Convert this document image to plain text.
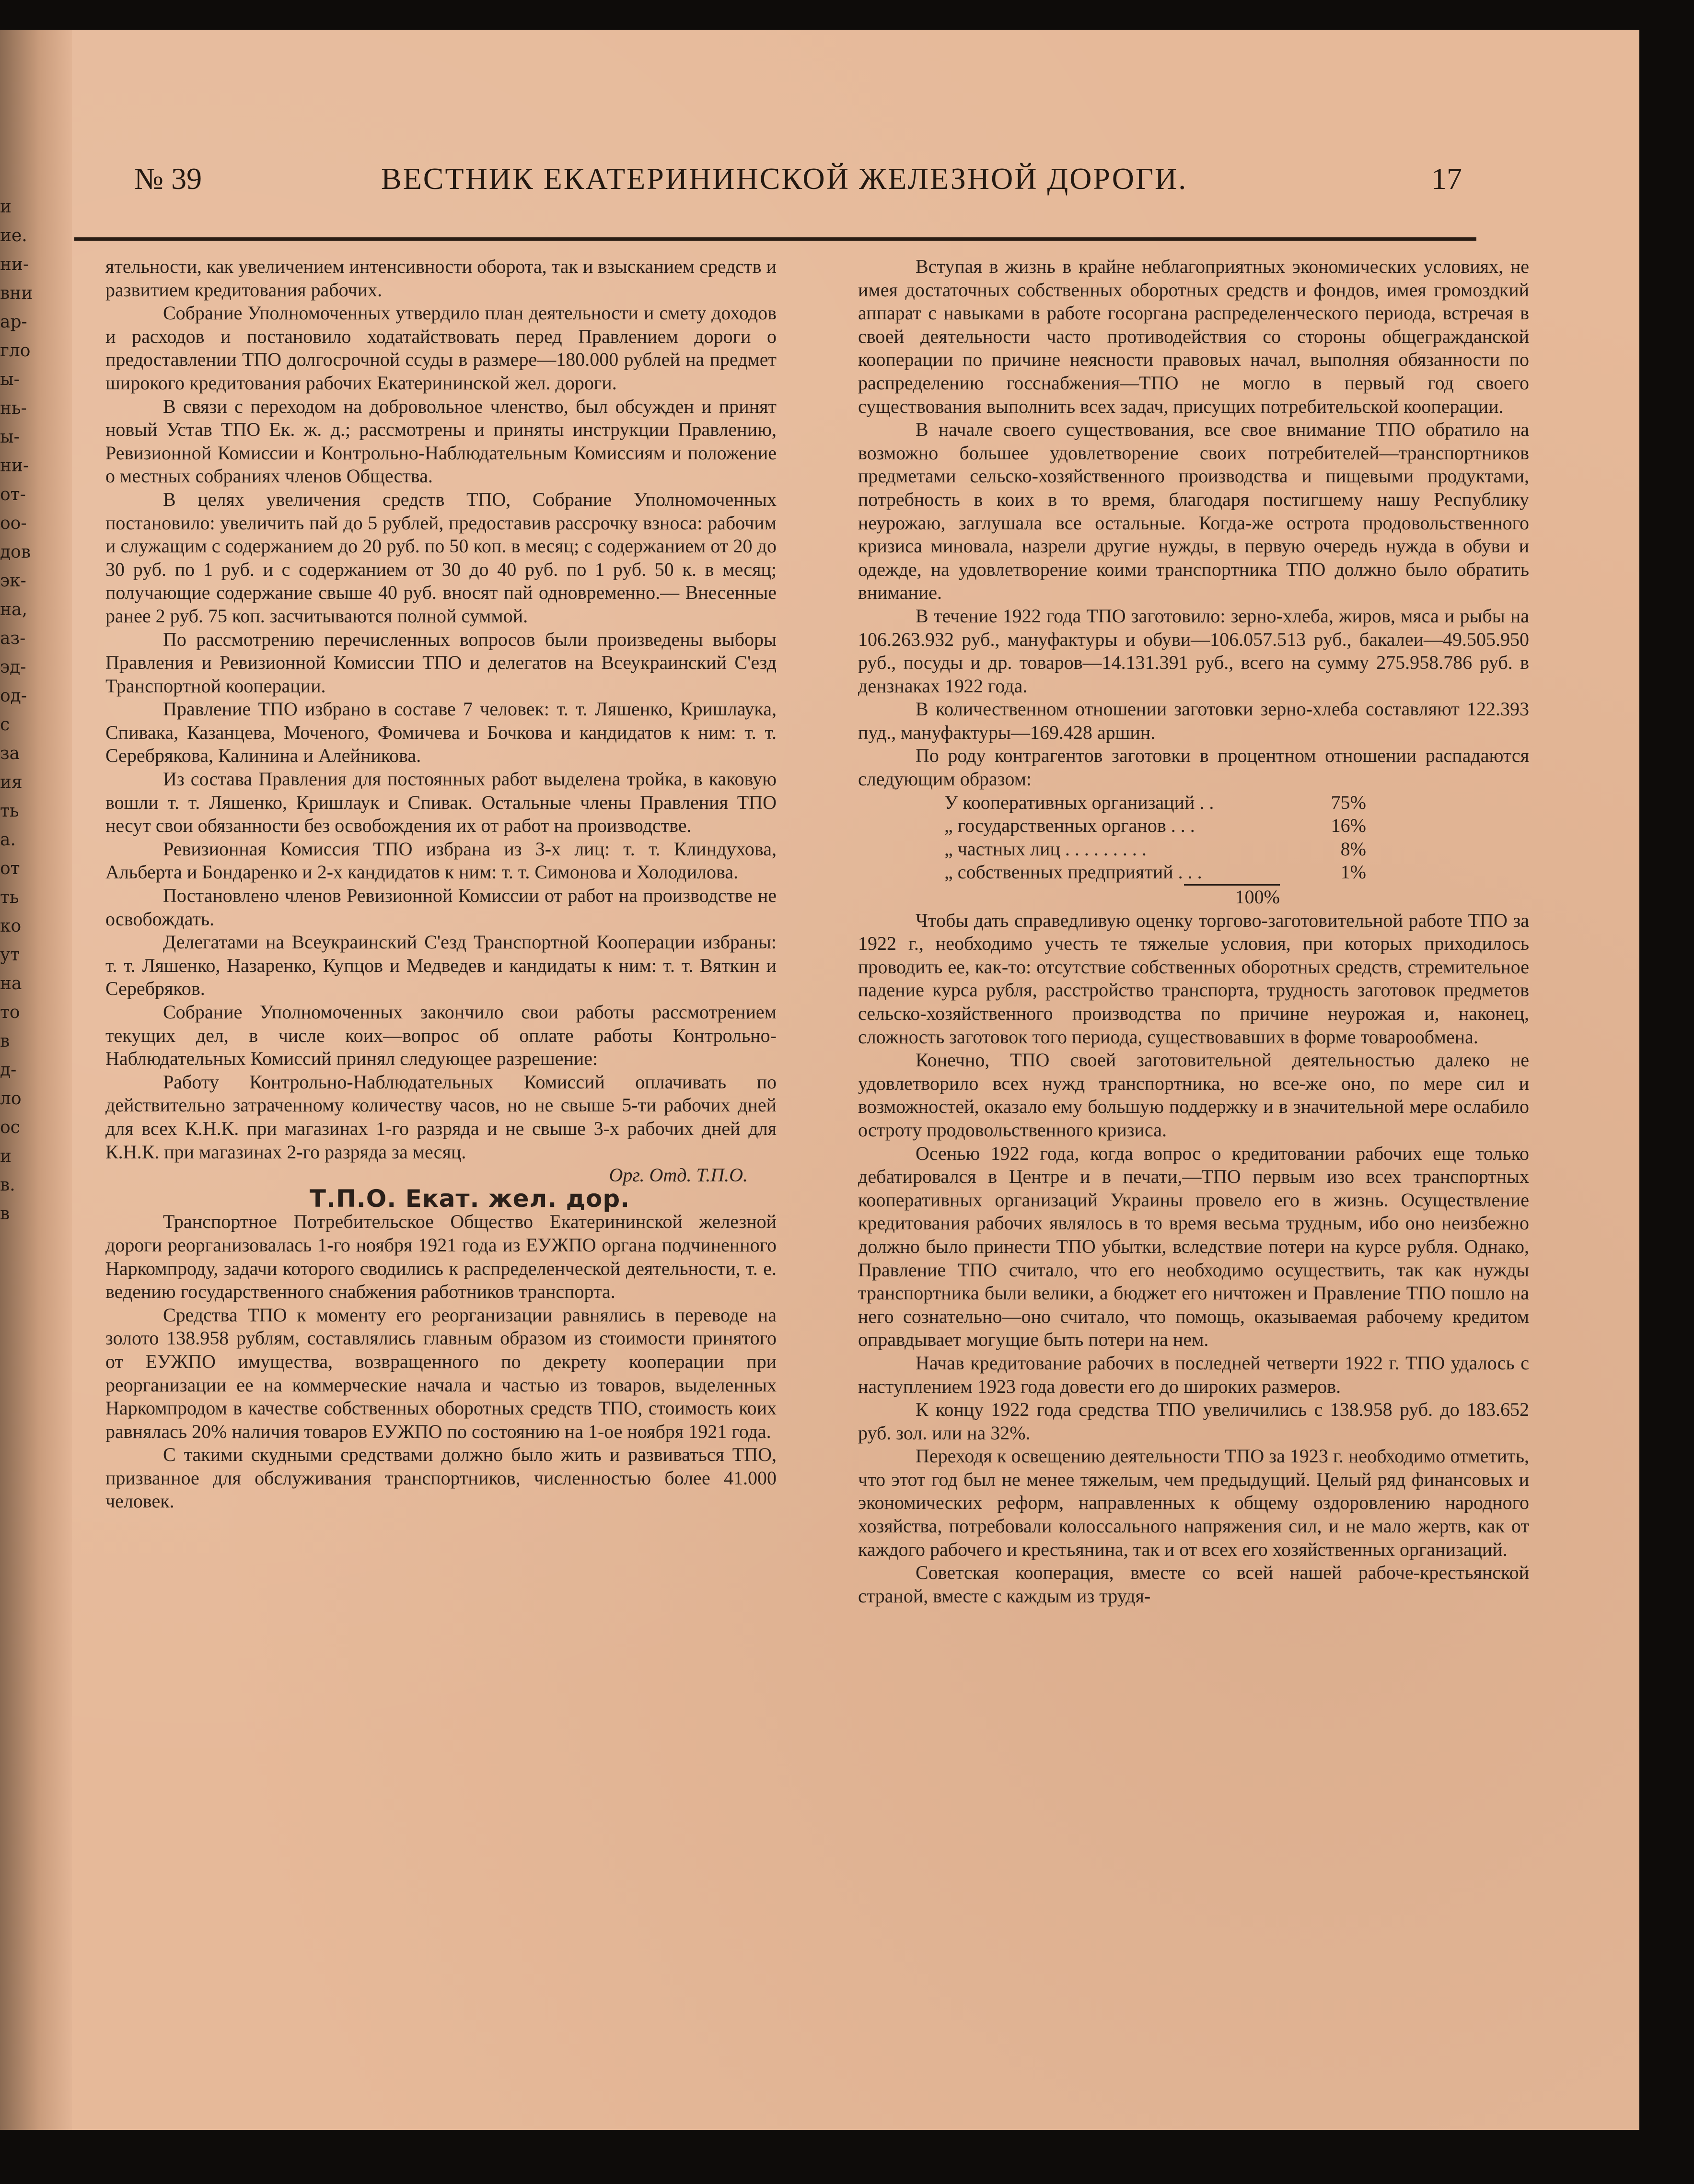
и
ие.
ни-
вни
ар-
гло
ы-
нь-
ы-
ни-
от-
оо-
дов
эк-
на,
аз-
эд-
од-
с
за
ия
ть
а.
от
ть
ко
ут
на
то
в
д-
ло
ос
и
в.
в
№ 39	ВЕСТНИК ЕКАТЕРИНИНСКОЙ ЖЕЛЕЗНОЙ ДОРОГИ.	17

ятельности, как увеличением интенсивности оборота, так и взысканием средств и развитием кредитования рабочих.

Собрание Уполномоченных утвердило план деятельности и смету доходов и расходов и постановило ходатайствовать перед Правлением дороги о предоставлении ТПО долгосрочной ссуды в размере—180.000 рублей на предмет широкого кредитования рабочих Екатерининской жел. дороги.

В связи с переходом на добровольное членство, был обсужден и принят новый Устав ТПО Ек. ж. д.; рассмотрены и приняты инструкции Правлению, Ревизионной Комиссии и Контрольно-Наблюдательным Комиссиям и положение о местных собраниях членов Общества.

В целях увеличения средств ТПО, Собрание Уполномоченных постановило: увеличить пай до 5 рублей, предоставив рассрочку взноса: рабочим и служащим с содержанием до 20 руб. по 50 коп. в месяц; с содержанием от 20 до 30 руб. по 1 руб. и с содержанием от 30 до 40 руб. по 1 руб. 50 к. в месяц; получающие содержание свыше 40 руб. вносят пай одновременно.— Внесенные ранее 2 руб. 75 коп. засчитываются полной суммой.

По рассмотрению перечисленных вопросов были произведены выборы Правления и Ревизионной Комиссии ТПО и делегатов на Всеукраинский С'езд Транспортной кооперации.

Правление ТПО избрано в составе 7 человек: т. т. Ляшенко, Кришлаука, Спивака, Казанцева, Моченого, Фомичева и Бочкова и кандидатов к ним: т. т. Серебрякова, Калинина и Алейникова.

Из состава Правления для постоянных работ выделена тройка, в каковую вошли т. т. Ляшенко, Кришлаук и Спивак. Остальные члены Правления ТПО несут свои обязанности без освобождения их от работ на производстве.

Ревизионная Комиссия ТПО избрана из 3-х лиц: т. т. Клиндухова, Альберта и Бондаренко и 2-х кандидатов к ним: т. т. Симонова и Холодилова.

Постановлено членов Ревизионной Комиссии от работ на производстве не освобождать.

Делегатами на Всеукраинский С'езд Транспортной Кооперации избраны: т. т. Ляшенко, Назаренко, Купцов и Медведев и кандидаты к ним: т. т. Вяткин и Серебряков.

Собрание Уполномоченных закончило свои работы рассмотрением текущих дел, в числе коих—вопрос об оплате работы Контрольно-Наблюдательных Комиссий принял следующее разрешение:

Работу Контрольно-Наблюдательных Комиссий оплачивать по действительно затраченному количеству часов, но не свыше 5-ти рабочих дней для всех К.Н.К. при магазинах 1-го разряда и не свыше 3-х рабочих дней для К.Н.К. при магазинах 2-го разряда за месяц.

Орг. Отд. Т.П.О.

Т.П.О. Екат. жел. дор.

Транспортное Потребительское Общество Екатерининской железной дороги реорганизовалась 1-го ноября 1921 года из ЕУЖПО органа подчиненного Наркомпроду, задачи которого сводились к распределенческой деятельности, т. е. ведению государственного снабжения работников транспорта.

Средства ТПО к моменту его реорганизации равнялись в переводе на золото 138.958 рублям, составлялись главным образом из стоимости принятого от ЕУЖПО имущества, возвращенного по декрету кооперации при реорганизации ее на коммерческие начала и частью из товаров, выделенных Наркомпродом в качестве собственных оборотных средств ТПО, стоимость коих равнялась 20% наличия товаров ЕУЖПО по состоянию на 1-ое ноября 1921 года.

С такими скудными средствами должно было жить и развиваться ТПО, призванное для обслуживания транспортников, численностью более 41.000 человек.

Вступая в жизнь в крайне неблагоприятных экономических условиях, не имея достаточных собственных оборотных средств и фондов, имея громоздкий аппарат с навыками в работе госоргана распределенческого периода, встречая в своей деятельности часто противодействия со стороны общегражданской кооперации по причине неясности правовых начал, выполняя обязанности по распределению госснабжения—ТПО не могло в первый год своего существования выполнить всех задач, присущих потребительской кооперации.

В начале своего существования, все свое внимание ТПО обратило на возможно большее удовлетворение своих потребителей—транспортников предметами сельско-хозяйственного производства и пищевыми продуктами, потребность в коих в то время, благодаря постигшему нашу Республику неурожаю, заглушала все остальные. Когда-же острота продовольственного кризиса миновала, назрели другие нужды, в первую очередь нужда в обуви и одежде, на удовлетворение коими транспортника ТПО должно было обратить внимание.

В течение 1922 года ТПО заготовило: зерно-хлеба, жиров, мяса и рыбы на 106.263.932 руб., мануфактуры и обуви—106.057.513 руб., бакалеи—49.505.950 руб., посуды и др. товаров—14.131.391 руб., всего на сумму 275.958.786 руб. в дензнаках 1922 года.

В количественном отношении заготовки зерно-хлеба составляют 122.393 пуд., мануфактуры—169.428 аршин.

По роду контрагентов заготовки в процентном отношении распадаются следующим образом:

У кооперативных организаций . .	75%
„ государственных органов . . .	16%
„ частных лиц . . . . . . . . .	8%
„ собственных предприятий . . .	1%
100%

Чтобы дать справедливую оценку торгово-заготовительной работе ТПО за 1922 г., необходимо учесть те тяжелые условия, при которых приходилось проводить ее, как-то: отсутствие собственных оборотных средств, стремительное падение курса рубля, расстройство транспорта, трудность заготовок предметов сельско-хозяйственного производства по причине неурожая и, наконец, сложность заготовок того периода, существовавших в форме товарообмена.

Конечно, ТПО своей заготовительной деятельностью далеко не удовлетворило всех нужд транспортника, но все-же оно, по мере сил и возможностей, оказало ему большую поддержку и в значительной мере ослабило остроту продовольственного кризиса.

Осенью 1922 года, когда вопрос о кредитовании рабочих еще только дебатировался в Центре и в печати,—ТПО первым изо всех транспортных кооперативных организаций Украины провело его в жизнь. Осуществление кредитования рабочих являлось в то время весьма трудным, ибо оно неизбежно должно было принести ТПО убытки, вследствие потери на курсе рубля. Однако, Правление ТПО считало, что его необходимо осуществить, так как нужды транспортника были велики, а бюджет его ничтожен и Правление ТПО пошло на него сознательно—оно считало, что помощь, оказываемая рабочему кредитом оправдывает могущие быть потери на нем.

Начав кредитование рабочих в последней четверти 1922 г. ТПО удалось с наступлением 1923 года довести его до широких размеров.

К концу 1922 года средства ТПО увеличились с 138.958 руб. до 183.652 руб. зол. или на 32%.

Переходя к освещению деятельности ТПО за 1923 г. необходимо отметить, что этот год был не менее тяжелым, чем предыдущий. Целый ряд финансовых и экономических реформ, направленных к общему оздоровлению народного хозяйства, потребовали колоссального напряжения сил, и не мало жертв, как от каждого рабочего и крестьянина, так и от всех его хозяйственных организаций.

Советская кооперация, вместе со всей нашей рабоче-крестьянской страной, вместе с каждым из трудя-
